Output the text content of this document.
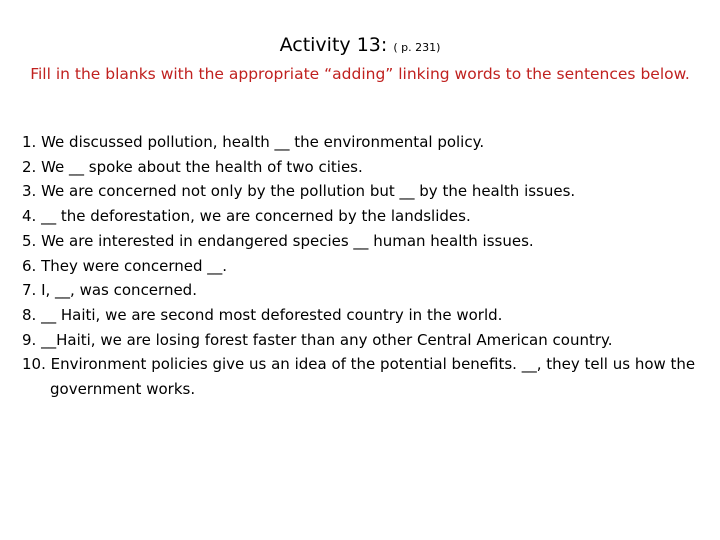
Activity 13: ( p. 231)
Fill in the blanks with the appropriate “adding” linking words to the sentences below.
1. We discussed pollution, health __ the environmental policy.
2. We __ spoke about the health of two cities.
3. We are concerned not only by the pollution but __ by the health issues.
4. __ the deforestation, we are concerned by the landslides.
5. We are interested in endangered species __ human health issues.
6. They were concerned __.
7. I, __, was concerned.
8. __ Haiti, we are second most deforested country in the world.
9. __Haiti, we are losing forest faster than any other Central American country.
10. Environment policies give us an idea of the potential benefits. __, they tell us how the government works.
